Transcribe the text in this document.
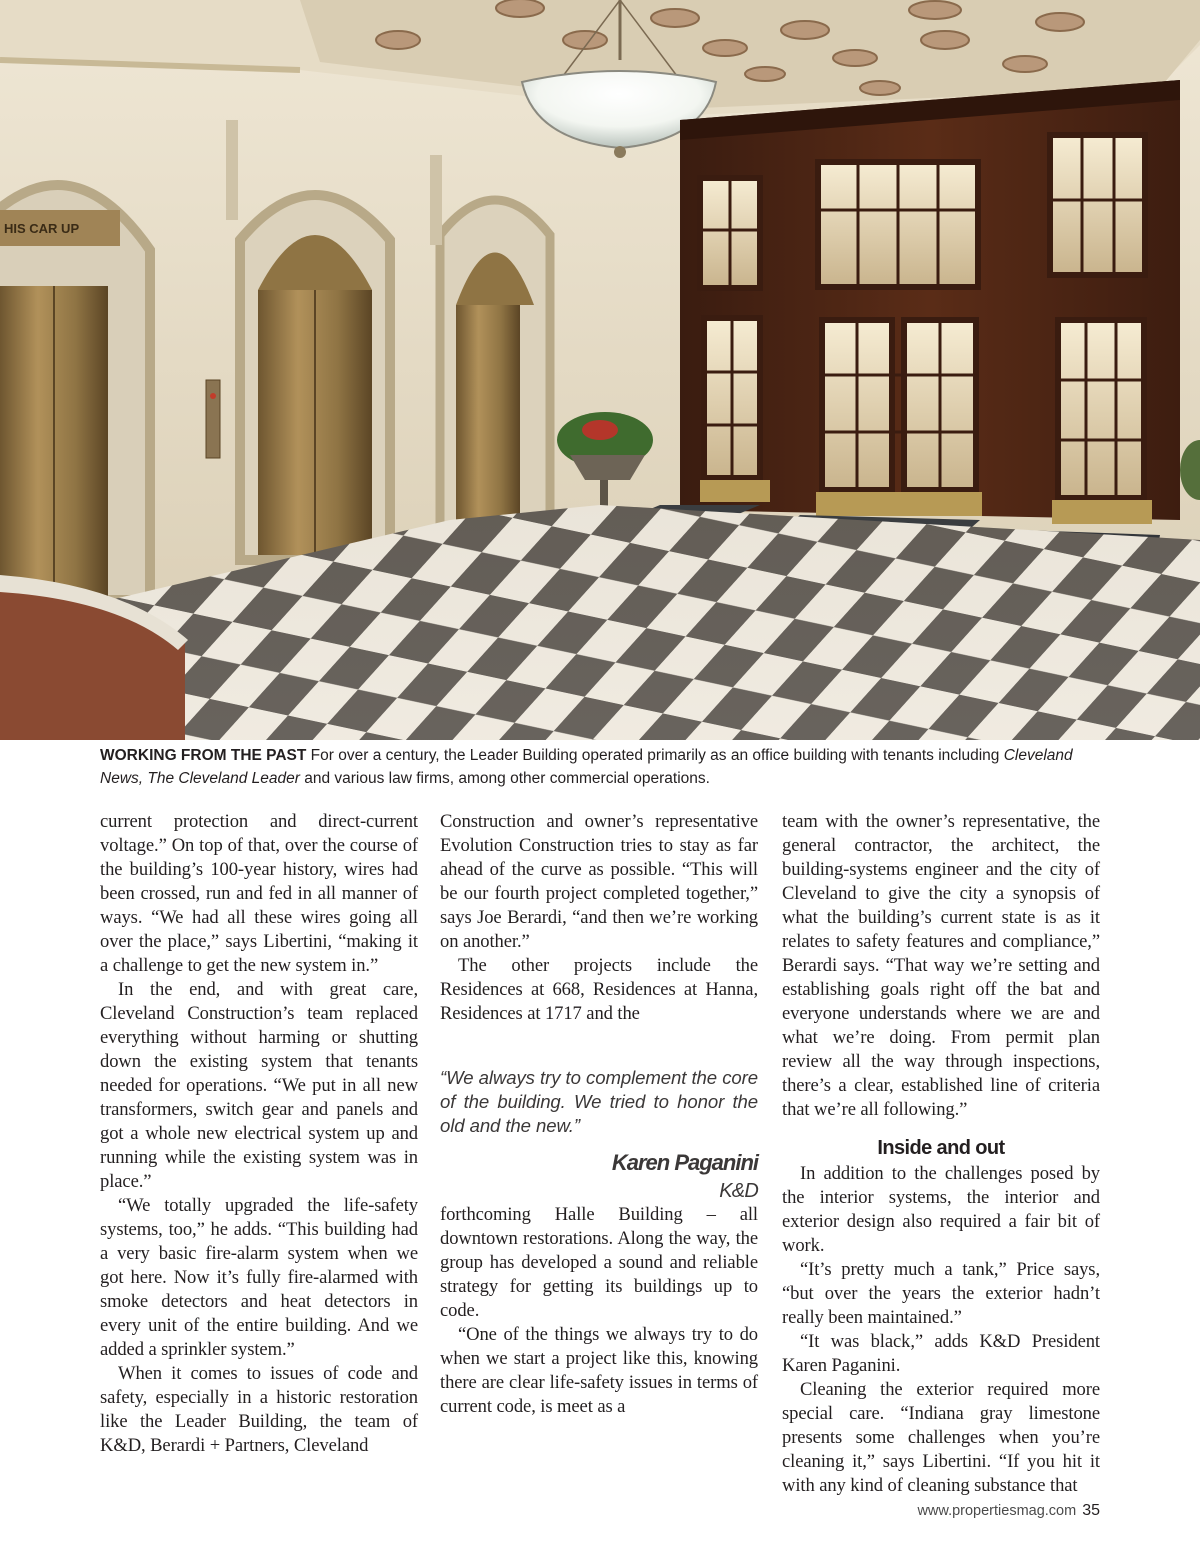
HIS CAR UP

WORKING FROM THE PAST For over a century, the Leader Building operated primarily as an office building with tenants including Cleveland News, The Cleveland Leader and various law firms, among other commercial operations.

current protection and direct-current voltage.” On top of that, over the course of the building’s 100-year history, wires had been crossed, run and fed in all manner of ways. “We had all these wires going all over the place,” says Libertini, “making it a challenge to get the new system in.”

In the end, and with great care, Cleveland Construction’s team replaced everything without harming or shutting down the existing system that tenants needed for operations. “We put in all new transformers, switch gear and panels and got a whole new electrical system up and running while the existing system was in place.”

“We totally upgraded the life-safety systems, too,” he adds. “This building had a very basic fire-alarm system when we got here. Now it’s fully fire-alarmed with smoke detectors and heat detectors in every unit of the entire building. And we added a sprinkler system.”

When it comes to issues of code and safety, especially in a historic restoration like the Leader Building, the team of K&D, Berardi + Partners, Cleveland

Construction and owner’s representative Evolution Construction tries to stay as far ahead of the curve as possible. “This will be our fourth project completed together,” says Joe Berardi, “and then we’re working on another.”

The other projects include the Residences at 668, Residences at Hanna, Residences at 1717 and the

“We always try to complement the core of the building. We tried to honor the old and the new.”

Karen Paganini
K&D

forthcoming Halle Building – all downtown restorations. Along the way, the group has developed a sound and reliable strategy for getting its buildings up to code.

“One of the things we always try to do when we start a project like this, knowing there are clear life-safety issues in terms of current code, is meet as a

team with the owner’s representative, the general contractor, the architect, the building-systems engineer and the city of Cleveland to give the city a synopsis of what the building’s current state is as it relates to safety features and compliance,” Berardi says. “That way we’re setting and establishing goals right off the bat and everyone understands where we are and what we’re doing. From permit plan review all the way through inspections, there’s a clear, established line of criteria that we’re all following.”

Inside and out

In addition to the challenges posed by the interior systems, the interior and exterior design also required a fair bit of work.

“It’s pretty much a tank,” Price says, “but over the years the exterior hadn’t really been maintained.”

“It was black,” adds K&D President Karen Paganini.

Cleaning the exterior required more special care. “Indiana gray limestone presents some challenges when you’re cleaning it,” says Libertini. “If you hit it with any kind of cleaning substance that

www.propertiesmag.com 35
